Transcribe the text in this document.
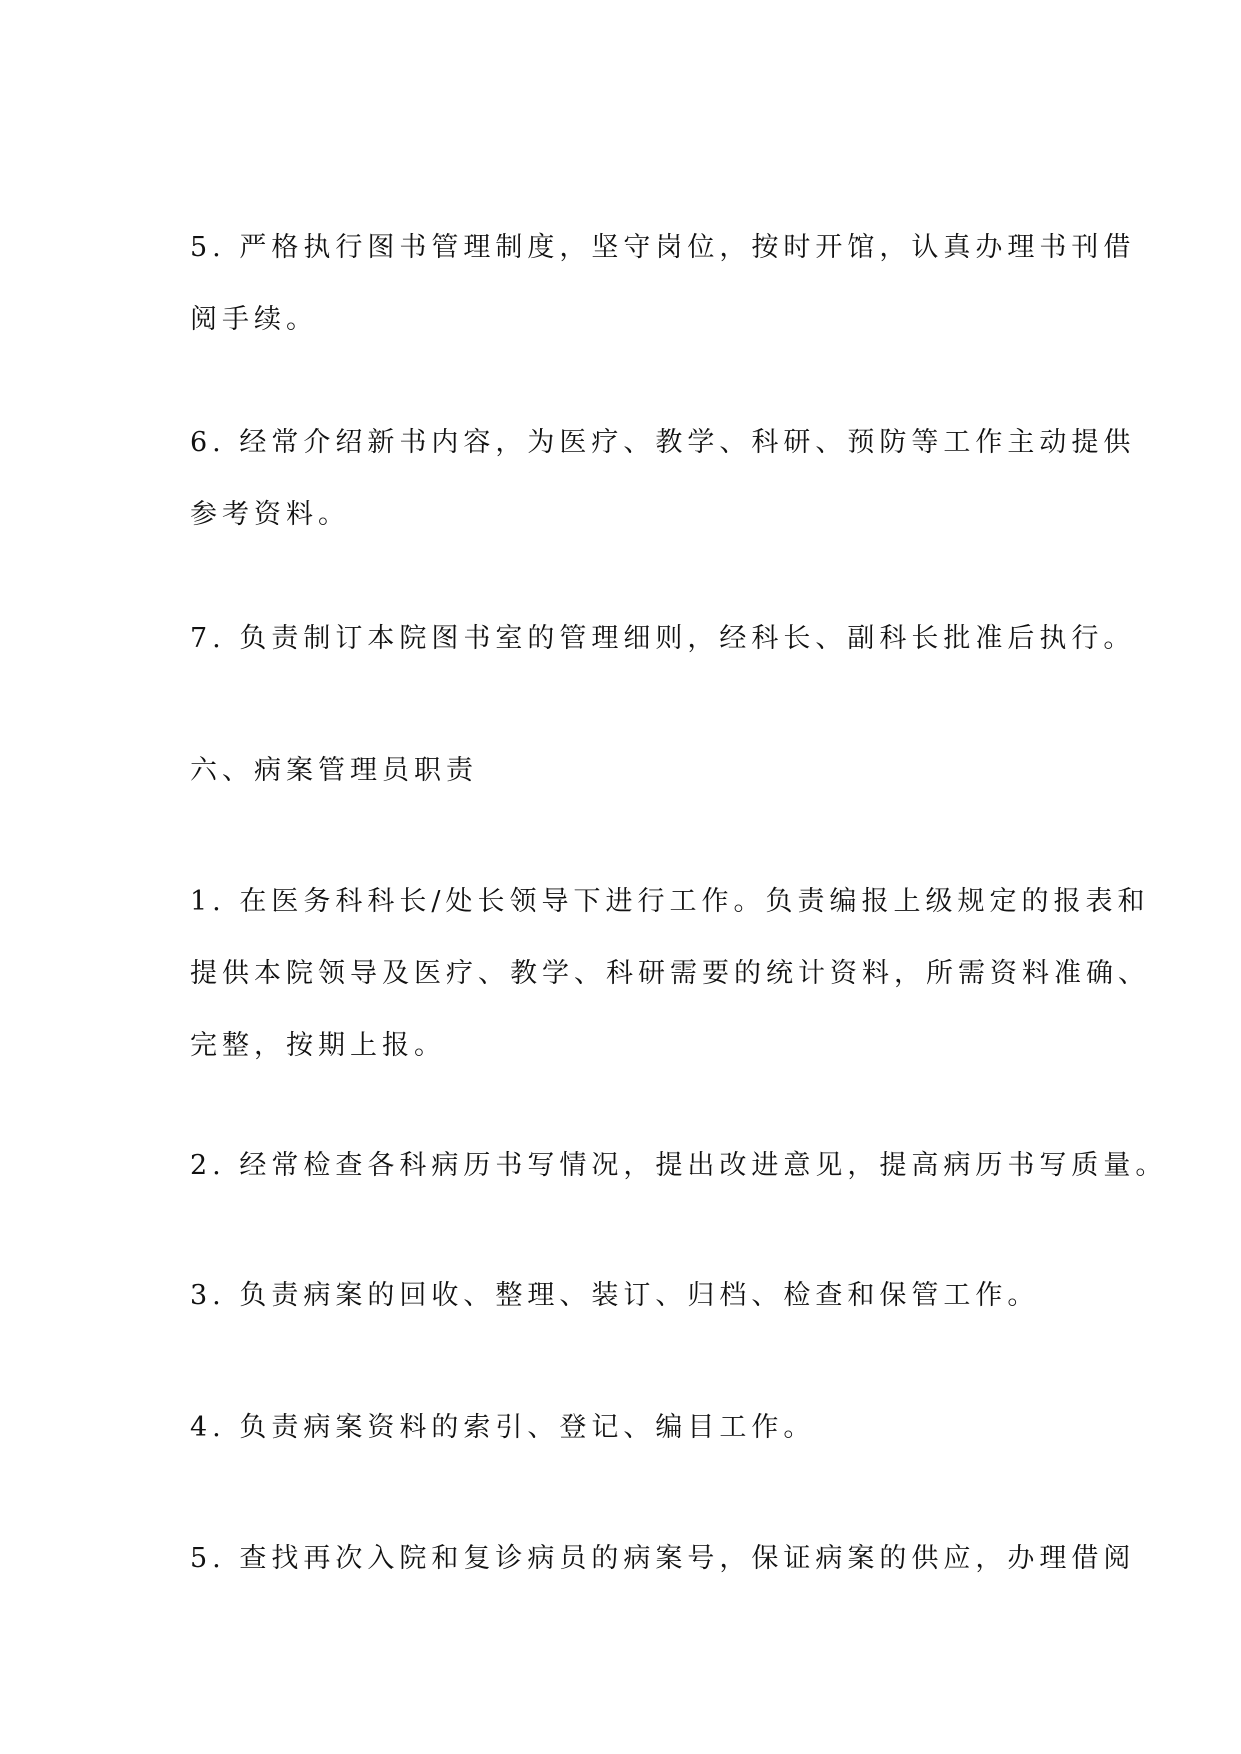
5. 严格执行图书管理制度，坚守岗位，按时开馆，认真办理书刊借
阅手续。

6. 经常介绍新书内容，为医疗、教学、科研、预防等工作主动提供
参考资料。

7. 负责制订本院图书室的管理细则，经科长、副科长批准后执行。

六、病案管理员职责

1. 在医务科科长/处长领导下进行工作。负责编报上级规定的报表和
提供本院领导及医疗、教学、科研需要的统计资料，所需资料准确、
完整，按期上报。

2. 经常检查各科病历书写情况，提出改进意见，提高病历书写质量。

3. 负责病案的回收、整理、装订、归档、检查和保管工作。

4. 负责病案资料的索引、登记、编目工作。

5. 查找再次入院和复诊病员的病案号，保证病案的供应，办理借阅
